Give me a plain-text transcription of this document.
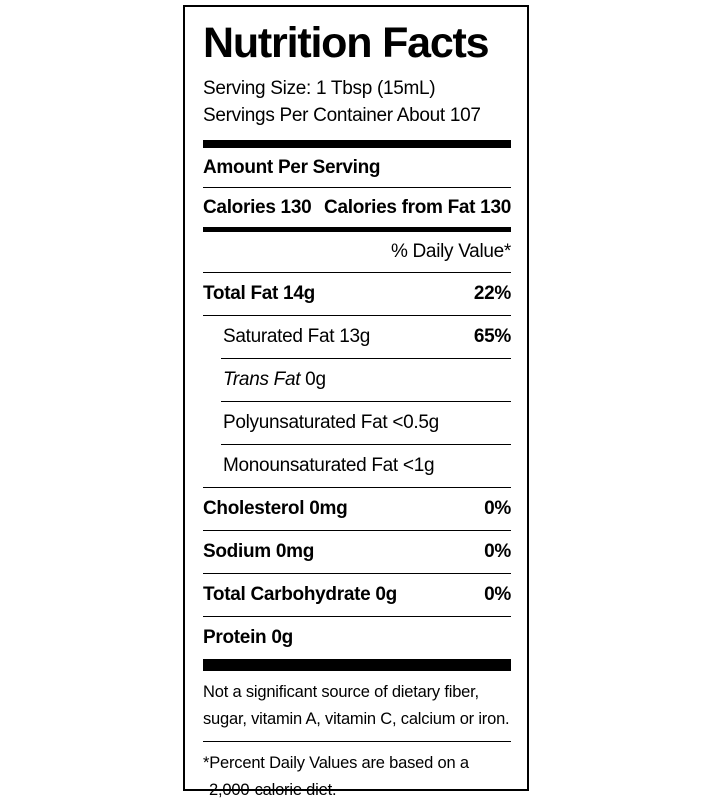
Nutrition Facts
Serving Size: 1 Tbsp (15mL)
Servings Per Container About 107
Amount Per Serving
Calories 130 Calories from Fat 130
% Daily Value*
Total Fat 14g	22%
Saturated Fat 13g	65%
Trans Fat 0g
Polyunsaturated Fat <0.5g
Monounsaturated Fat <1g
Cholesterol 0mg	0%
Sodium 0mg	0%
Total Carbohydrate 0g	0%
Protein 0g
Not a significant source of dietary fiber,
sugar, vitamin A, vitamin C, calcium or iron.
*Percent Daily Values are based on a
2,000-calorie diet.
